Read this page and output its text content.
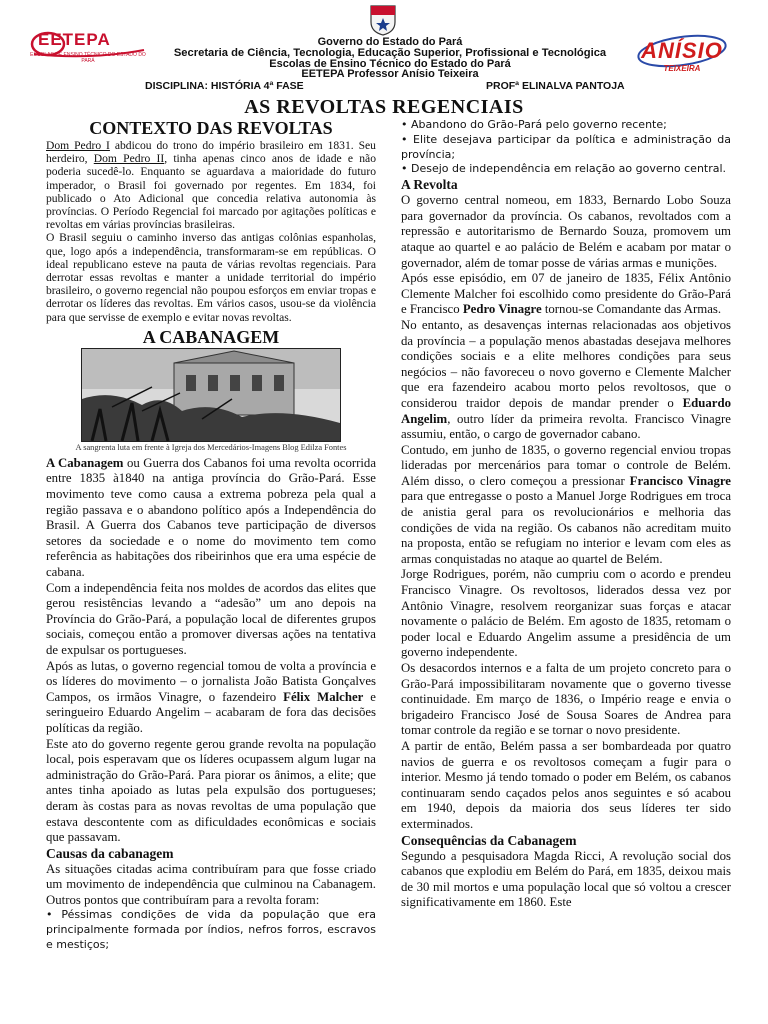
EETEPA
ESCOLAS DE ENSINO TÉCNICO DO ESTADO DO PARÁ
Governo do Estado do Pará
Secretaria de Ciência, Tecnologia, Educação Superior, Profissional e Tecnológica
Escolas de Ensino Técnico do Estado do Pará
EETEPA Professor Anísio Teixeira
ANÍSIO
TEIXEIRA
DISCIPLINA: HISTÓRIA 4ª FASE	PROFª ELINALVA PANTOJA
AS REVOLTAS REGENCIAIS
CONTEXTO DAS REVOLTAS

Dom Pedro I abdicou do trono do império brasileiro em 1831. Seu herdeiro, Dom Pedro II, tinha apenas cinco anos de idade e não poderia sucedê-lo. Enquanto se aguardava a maioridade do futuro imperador, o Brasil foi governado por regentes. Em 1834, foi publicado o Ato Adicional que concedia relativa autonomia às províncias. O Período Regencial foi marcado por agitações políticas e revoltas em várias províncias brasileiras.

O Brasil seguiu o caminho inverso das antigas colônias espanholas, que, logo após a independência, transformaram-se em repúblicas. O ideal republicano esteve na pauta de várias revoltas regenciais. Para derrotar essas revoltas e manter a unidade territorial do império brasileiro, o governo regencial não poupou esforços em enviar tropas e derrotar os líderes das revoltas. Em vários casos, usou-se da violência para que servisse de exemplo e evitar novas revoltas.

A CABANAGEM
A sangrenta luta em frente à Igreja dos Mercedários-Imagens Blog Edilza Fontes

A Cabanagem ou Guerra dos Cabanos foi uma revolta ocorrida entre 1835 à1840 na antiga província do Grão-Pará. Esse movimento teve como causa a extrema pobreza pela qual a região passava e o abandono político após a Independência do Brasil. A Guerra dos Cabanos teve participação de diversos setores da sociedade e o nome do movimento tem como referência as habitações dos ribeirinhos que era uma espécie de cabana.

Com a independência feita nos moldes de acordos das elites que gerou resistências levando a “adesão” um ano depois na Província do Grão-Pará, a população local de diferentes grupos sociais, começou então a promover diversas ações na tentativa de expulsar os portugueses.

Após as lutas, o governo regencial tomou de volta a província e os líderes do movimento – o jornalista João Batista Gonçalves Campos, os irmãos Vinagre, o fazendeiro Félix Malcher e seringueiro Eduardo Angelim – acabaram de fora das decisões políticas da região.

Este ato do governo regente gerou grande revolta na população local, pois esperavam que os líderes ocupassem algum lugar na administração do Grão-Pará. Para piorar os ânimos, a elite; que antes tinha apoiado as lutas pela expulsão dos portugueses; deram às costas para as novas revoltas de uma população que estava descontente com as dificuldades econômicas e sociais que passavam.

Causas da cabanagem

As situações citadas acima contribuíram para que fosse criado um movimento de independência que culminou na Cabanagem. Outros pontos que contribuíram para a revolta foram:

• Péssimas condições de vida da população que era principalmente formada por índios, nefros forros, escravos e mestiços;

• Abandono do Grão-Pará pelo governo recente;

• Elite desejava participar da política e administração da província;

• Desejo de independência em relação ao governo central.

A Revolta

O governo central nomeou, em 1833, Bernardo Lobo Souza para governador da província. Os cabanos, revoltados com a repressão e autoritarismo de Bernardo Souza, promovem um ataque ao quartel e ao palácio de Belém e acabam por matar o governador, além de tomar posse de várias armas e munições.

Após esse episódio, em 07 de janeiro de 1835, Félix Antônio Clemente Malcher foi escolhido como presidente do Grão-Pará e Francisco Pedro Vinagre tornou-se Comandante das Armas.

No entanto, as desavenças internas relacionadas aos objetivos da província – a população menos abastadas desejava melhores condições sociais e a elite melhores condições para seus negócios – não favoreceu o novo governo e Clemente Malcher que era fazendeiro acabou morto pelos revoltosos, que o considerou traidor depois de mandar prender o Eduardo Angelim, outro líder da primeira revolta. Francisco Vinagre assumiu, então, o cargo de governador cabano.

Contudo, em junho de 1835, o governo regencial enviou tropas lideradas por mercenários para tomar o controle de Belém. Além disso, o clero começou a pressionar Francisco Vinagre para que entregasse o posto a Manuel Jorge Rodrigues em troca de anistia geral para os revolucionários e melhoria das condições de vida na região. Os cabanos não acreditam muito na proposta, então se refugiam no interior e levam com eles as armas conquistadas no ataque ao quartel de Belém.

Jorge Rodrigues, porém, não cumpriu com o acordo e prendeu Francisco Vinagre. Os revoltosos, liderados dessa vez por Antônio Vinagre, resolvem reorganizar suas forças e atacar novamente o palácio de Belém. Em agosto de 1835, retomam o poder local e Eduardo Angelim assume a presidência de um governo independente.

Os desacordos internos e a falta de um projeto concreto para o Grão-Pará impossibilitaram novamente que o governo tivesse continuidade. Em março de 1836, o Império reage e envia o brigadeiro Francisco José de Sousa Soares de Andrea para tomar controle da região e se tornar o novo presidente.

A partir de então, Belém passa a ser bombardeada por quatro navios de guerra e os revoltosos começam a fugir para o interior. Mesmo já tendo tomado o poder em Belém, os cabanos continuaram sendo caçados pelos anos seguintes e só acabou em 1940, depois da maioria dos seus líderes ter sido exterminados.

Consequências da Cabanagem

Segundo a pesquisadora Magda Ricci, A revolução social dos cabanos que explodiu em Belém do Pará, em 1835, deixou mais de 30 mil mortos e uma população local que só voltou a crescer significativamente em 1860. Este
